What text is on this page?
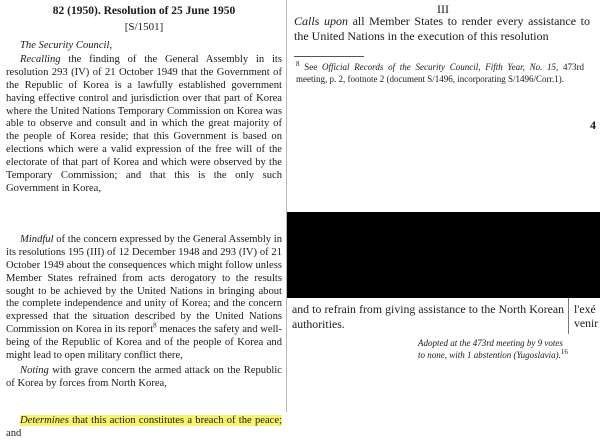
82 (1950). Resolution of 25 June 1950

[S/1501]

The Security Council,

Recalling the finding of the General Assembly in its resolution 293 (IV) of 21 October 1949 that the Government of the Republic of Korea is a lawfully established government having effective control and jurisdiction over that part of Korea where the United Nations Temporary Commission on Korea was able to observe and consult and in which the great majority of the people of Korea reside; that this Government is based on elections which were a valid expression of the free will of the electorate of that part of Korea and which were observed by the Temporary Commission; and that this is the only such Government in Korea,

Mindful of the concern expressed by the General Assembly in its resolutions 195 (III) of 12 December 1948 and 293 (IV) of 21 October 1949 about the consequences which might follow unless Member States refrained from acts derogatory to the results sought to be achieved by the United Nations in bringing about the complete independence and unity of Korea; and the concern expressed that the situation described by the United Nations Commission on Korea in its report$^8$ menaces the safety and well-being of the Republic of Korea and of the people of Korea and might lead to open military conflict there,

Noting with grave concern the armed attack on the Republic of Korea by forces from North Korea,

Determines that this action constitutes a breach of the peace; and

III
Calls upon all Member States to render every assistance to the United Nations in the execution of this resolution
$^8$ See Official Records of the Security Council, Fifth Year, No. 15, 473rd meeting, p. 2, footnote 2 (document S/1496, incorporating S/1496/Corr.1).
4
and to refrain from giving assistance to the North Korean authorities.
l'exé
venir
Adopted at the 473rd meeting by 9 votes to none, with 1 abstention (Yugoslavia).$^{16}$
